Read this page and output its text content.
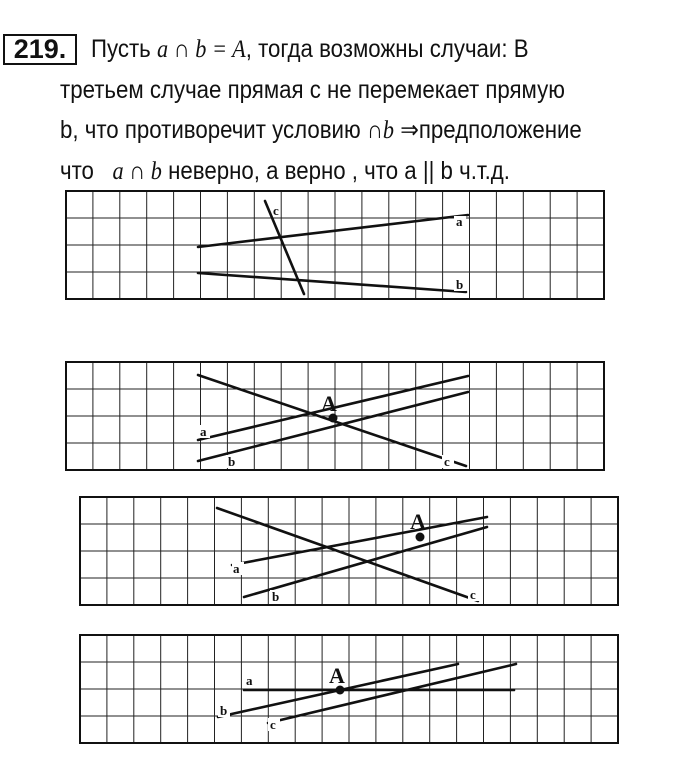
219. Пусть a ∩ b = A, тогда возможны случаи: В
третьем случае прямая с не перемекает прямую
b, что противоречит условию ∩b ⇒предположение
что   a ∩ b неверно, а верно , что а || b ч.т.д.
a
b
c
a
b	c
A
a
b	c
A
a
b
c
A
